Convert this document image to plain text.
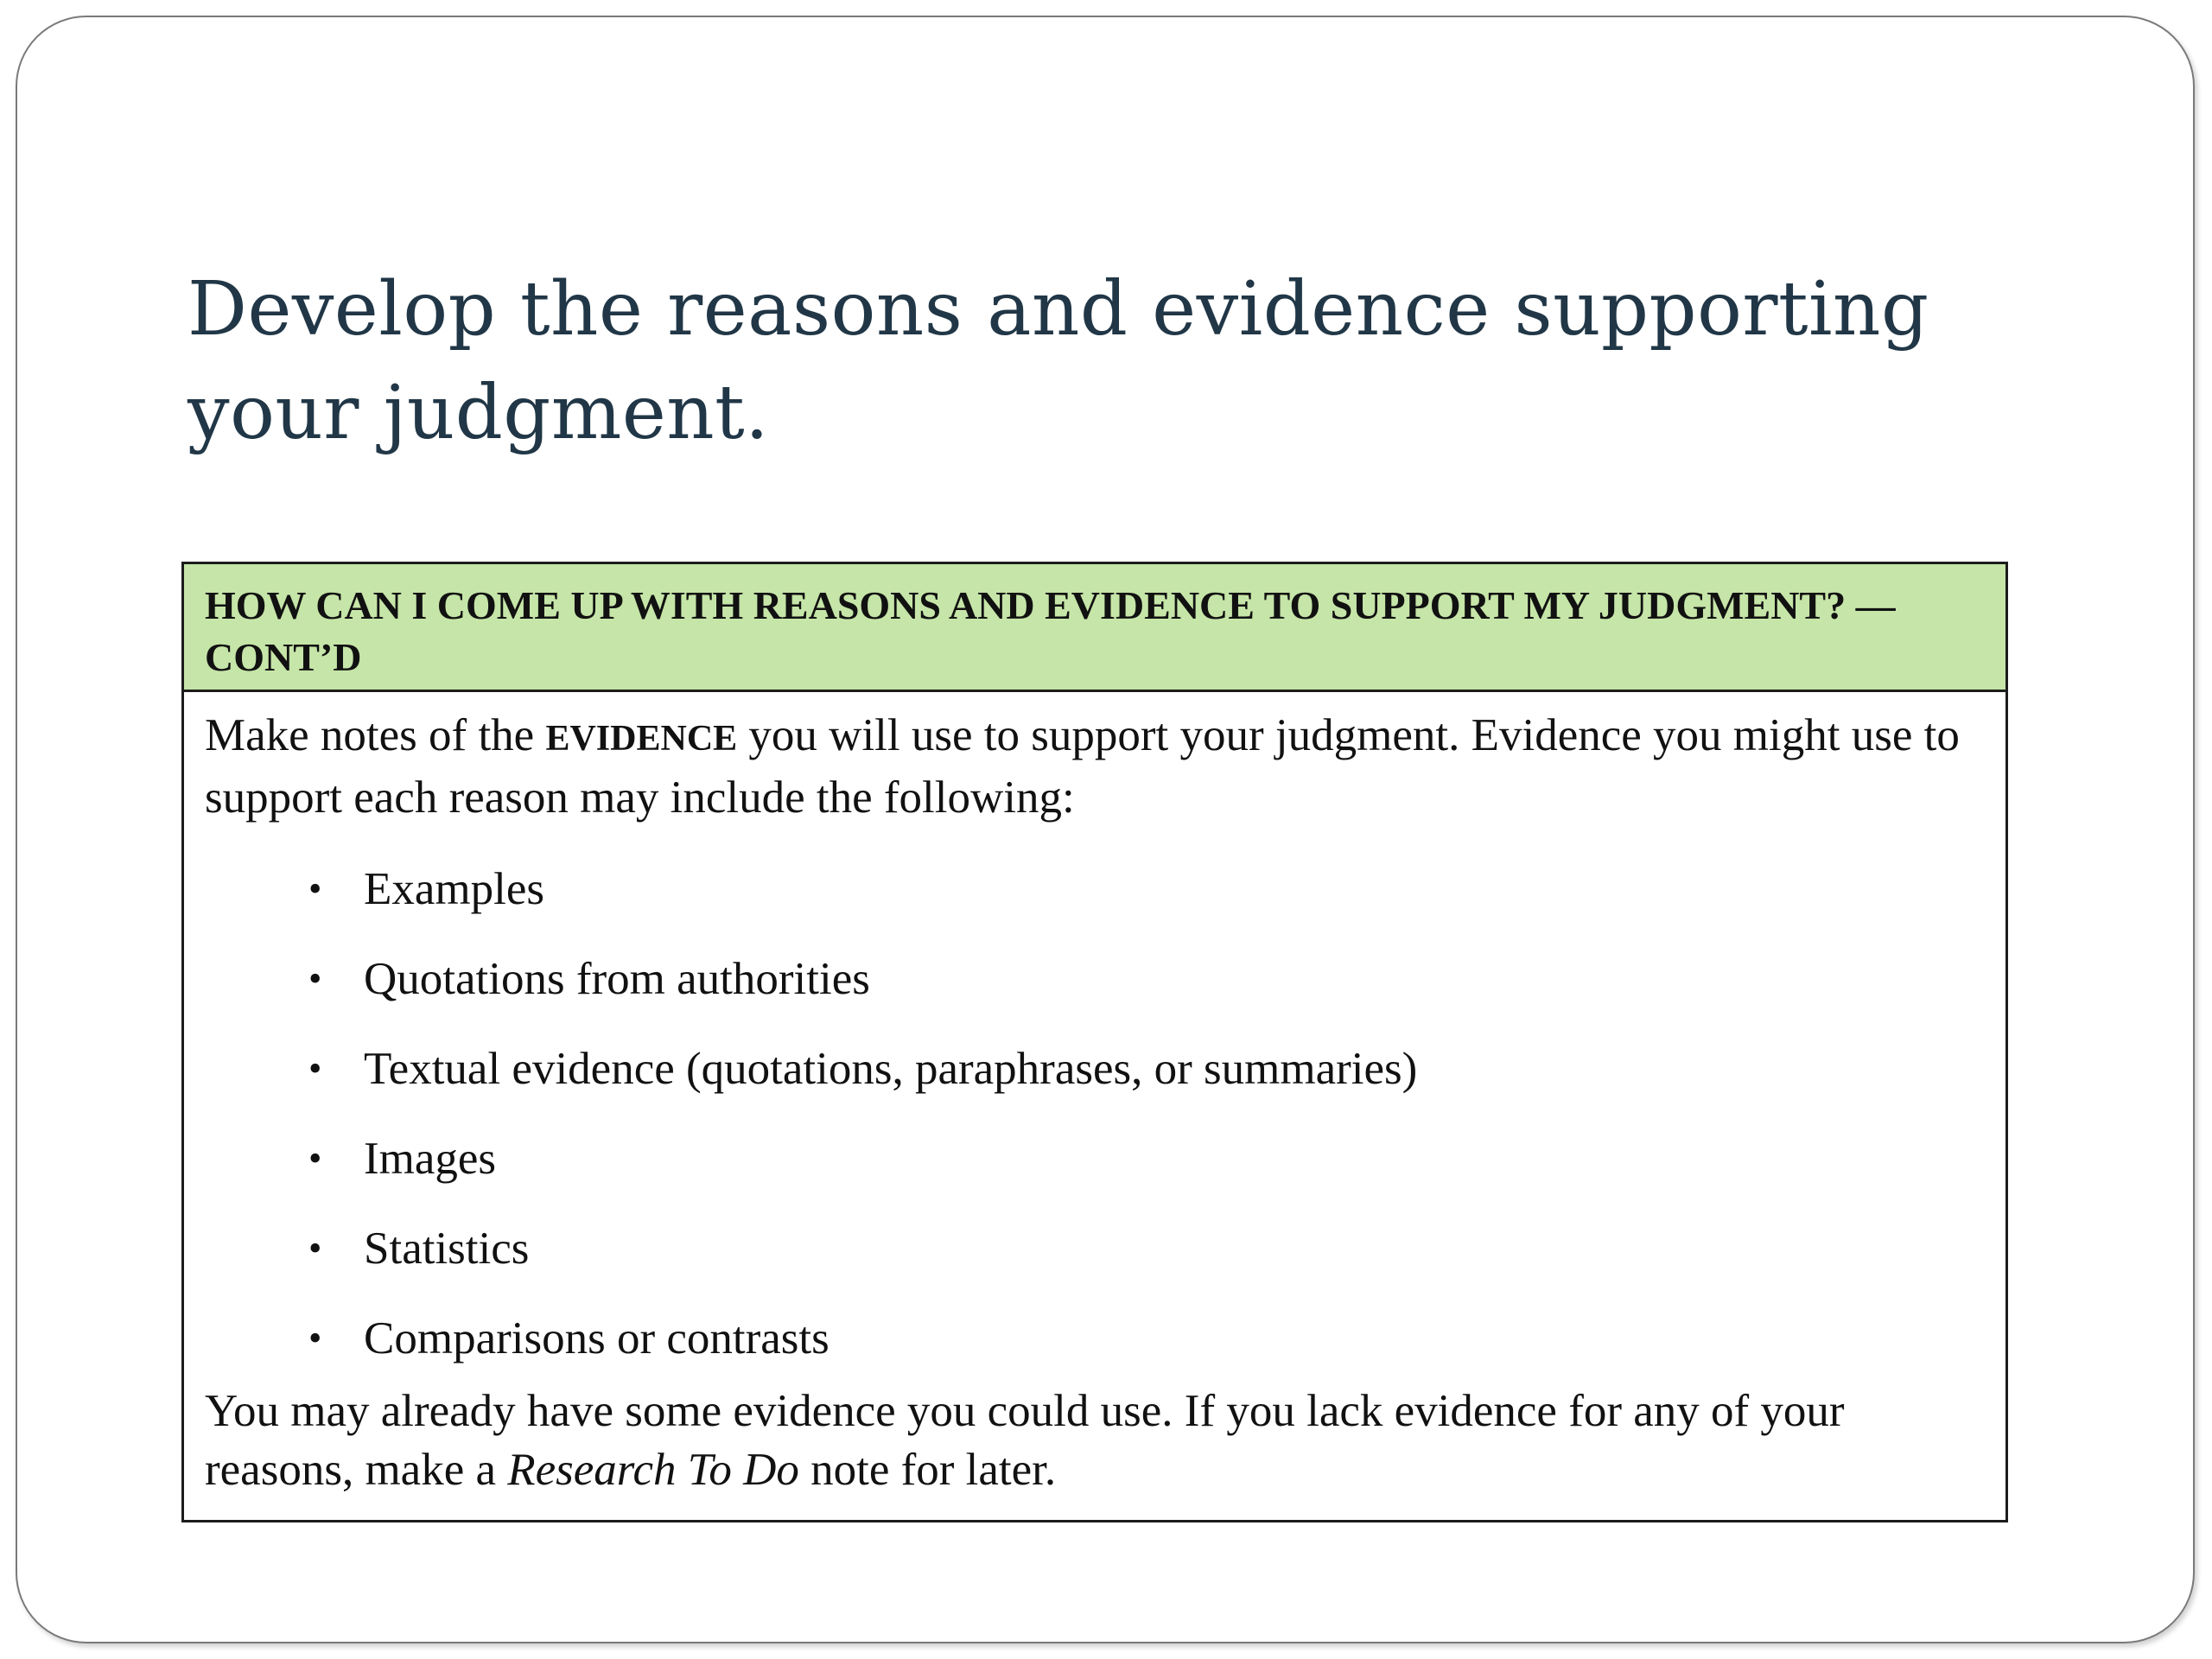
Develop the reasons and evidence supporting your judgment.
HOW CAN I COME UP WITH REASONS AND EVIDENCE TO SUPPORT MY JUDGMENT? — CONT’D

Make notes of the EVIDENCE you will use to support your judgment. Evidence you might use to support each reason may include the following:

• Examples
• Quotations from authorities
• Textual evidence (quotations, paraphrases, or summaries)
• Images
• Statistics
• Comparisons or contrasts

You may already have some evidence you could use. If you lack evidence for any of your reasons, make a Research To Do note for later.
